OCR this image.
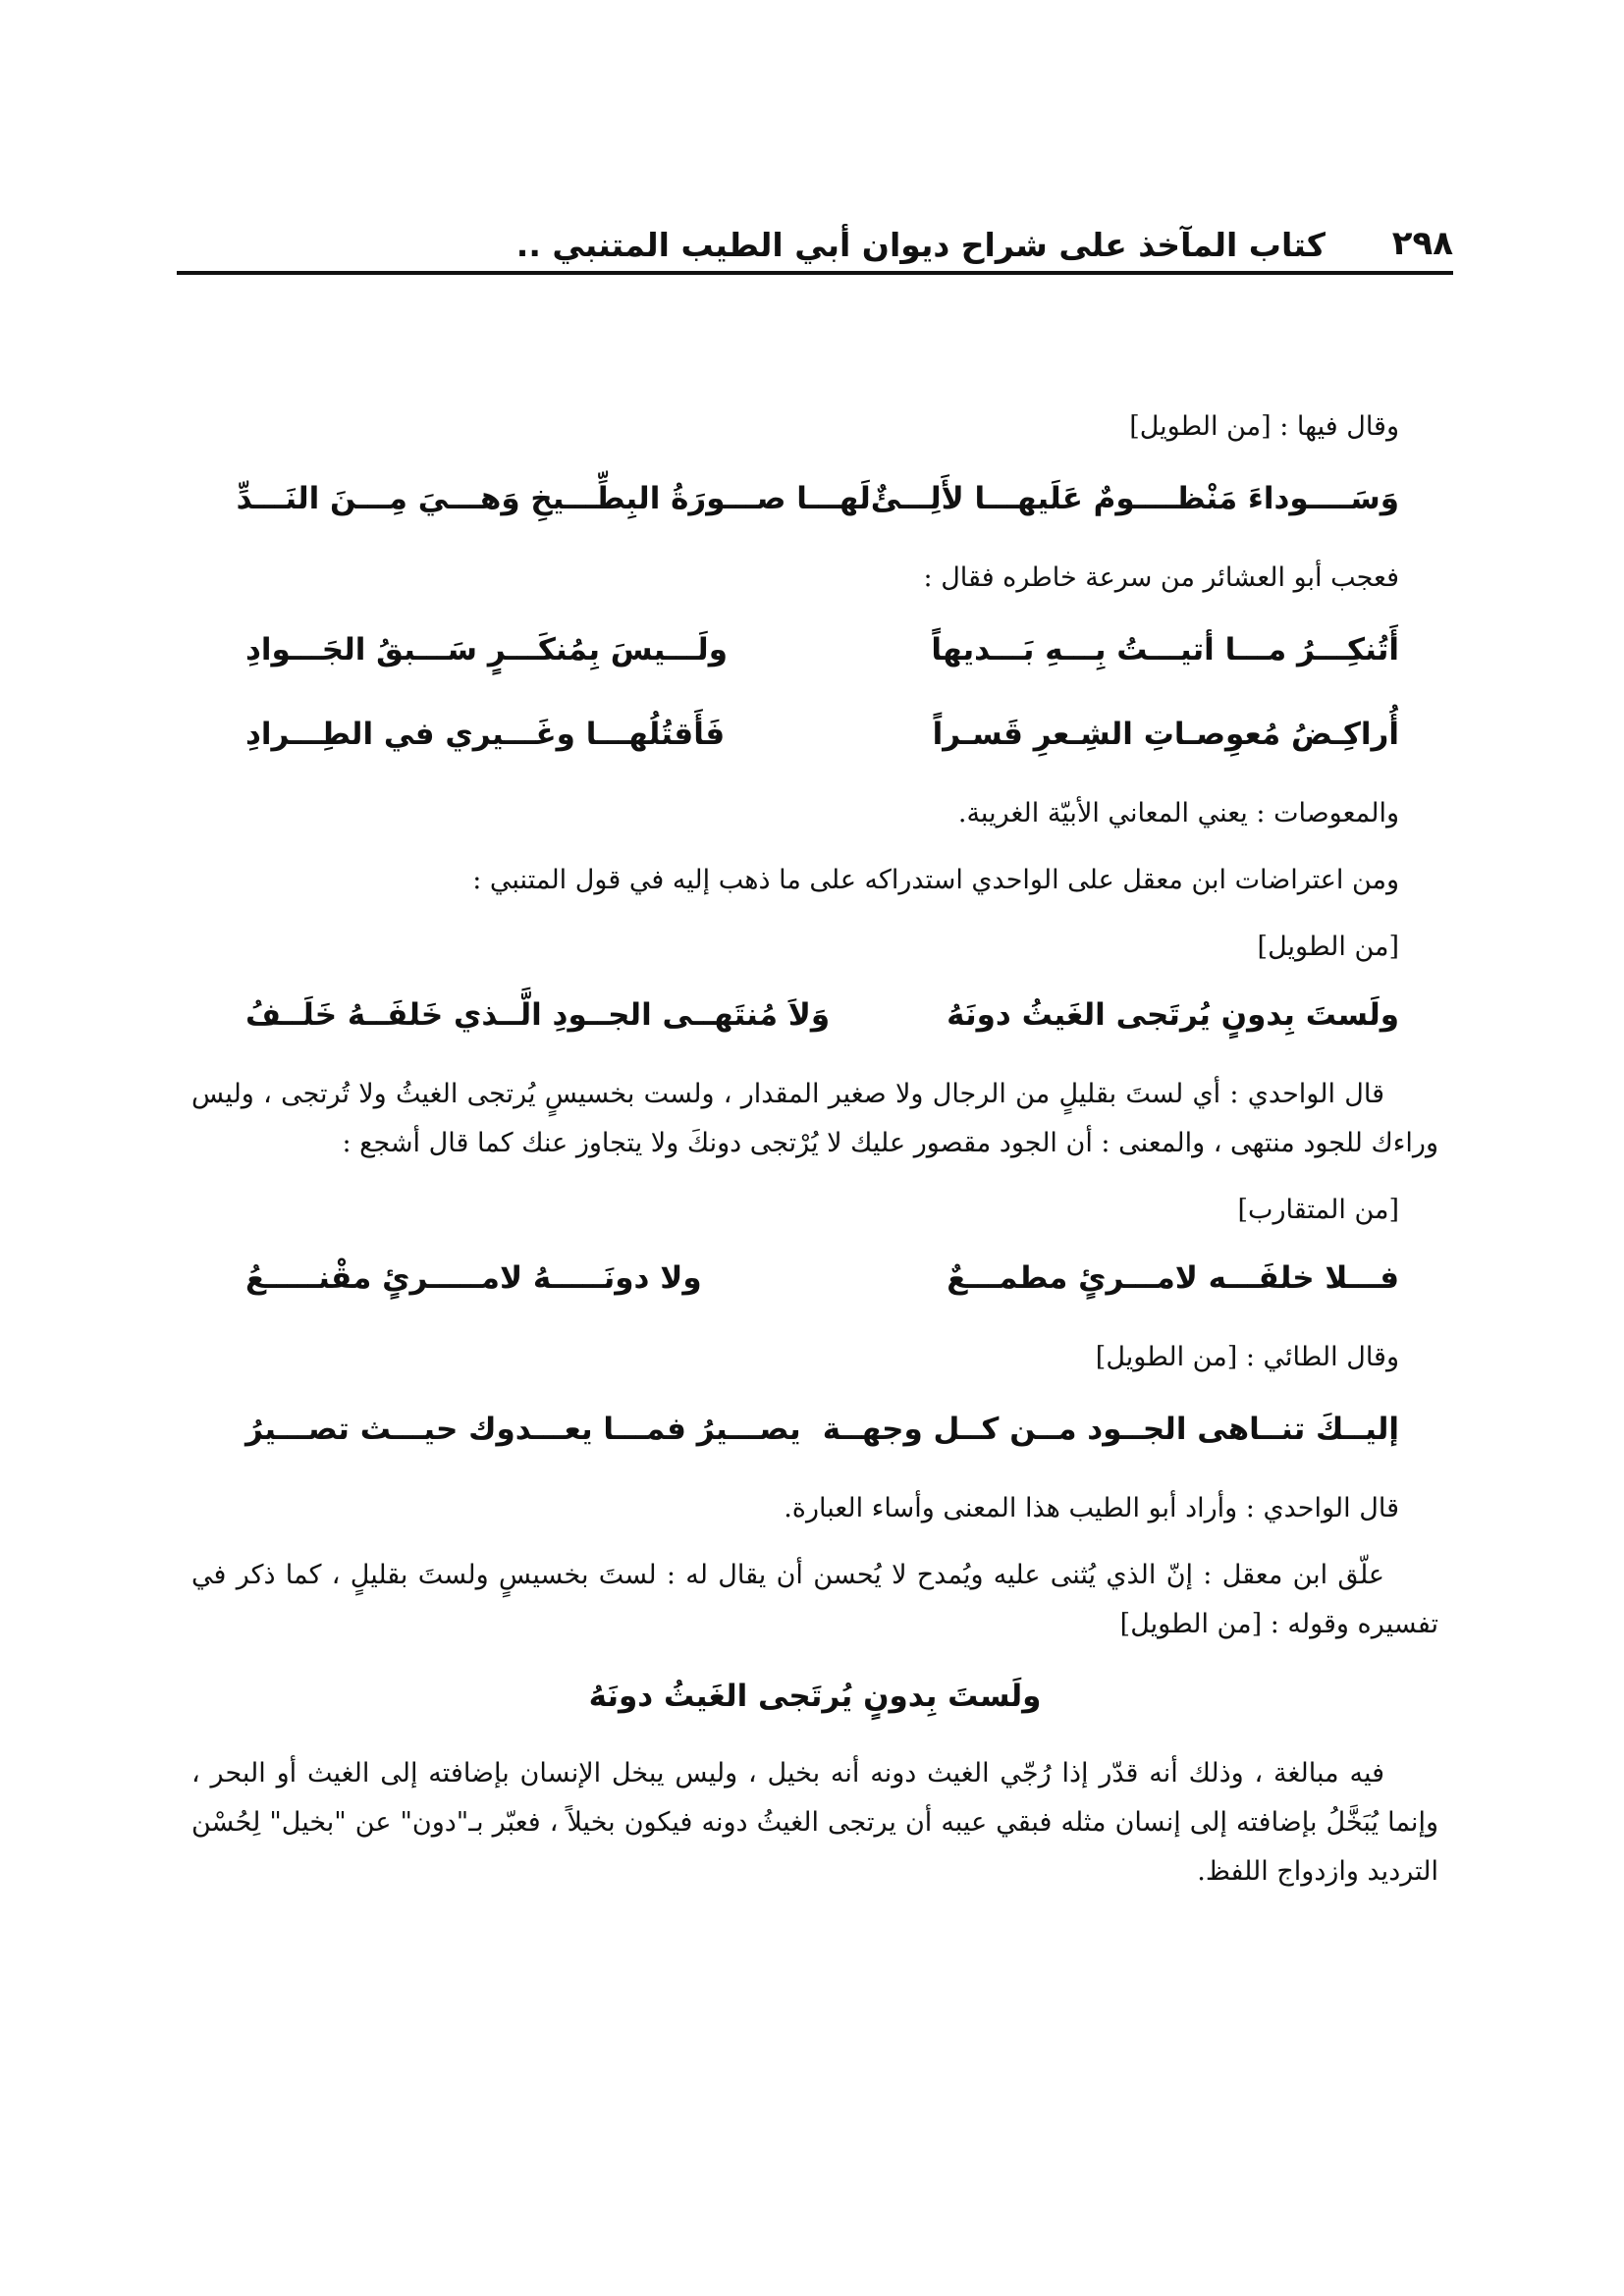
٢٩٨
كتاب المآخذ على شراح ديوان أبي الطيب المتنبي ..

وقال فيها : [من الطويل]

وَسَــــوداءَ مَنْظــــومٌ عَلَيهـــا لأَلِـــئٌ
لَهـــا صـــورَةُ البِطِّـــيخِ وَهـــيَ مِـــنَ النَـــدِّ

فعجب أبو العشائر من سرعة خاطره فقال :

أَتُنكِـــرُ مـــا أتيـــتُ بِـــهِ بَـــديهاً
ولَـــيسَ بِمُنكَـــرٍ سَـــبقُ الجَـــوادِ
أُراكِـضُ مُعوِصـاتِ الشِـعرِ قَسـراً
فَأَقتُلُهـــا وغَـــيري في الطِـــرادِ

والمعوصات : يعني المعاني الأبيّة الغريبة.

ومن اعتراضات ابن معقل على الواحدي استدراكه على ما ذهب إليه في قول المتنبي :

[من الطويل]

ولَستَ بِدونٍ يُرتَجى الغَيثُ دونَهُ
وَلاَ مُنتَهــى الجــودِ الَّــذي خَلفَــهُ خَلَــفُ

قال الواحدي : أي لستَ بقليلٍ من الرجال ولا صغير المقدار ، ولست بخسيسٍ يُرتجى الغيثُ ولا تُرتجى ، وليس وراءك للجود منتهى ، والمعنى : أن الجود مقصور عليك لا يُرْتجى دونكَ ولا يتجاوز عنك كما قال أشجع :

[من المتقارب]

فـــلا خلفَـــه لامـــرئٍ مطمـــعٌ
ولا دونَـــــهُ لامـــــرئٍ مقْنـــــعُ

وقال الطائي : [من الطويل]

إليــكَ تنــاهى الجــود مــن كــل وجهــة
يصـــيرُ فمـــا يعـــدوك حيـــث تصـــيرُ

قال الواحدي : وأراد أبو الطيب هذا المعنى وأساء العبارة.

علّق ابن معقل : إنّ الذي يُثنى عليه ويُمدح لا يُحسن أن يقال له : لستَ بخسيسٍ ولستَ بقليلٍ ، كما ذكر في تفسيره وقوله : [من الطويل]

ولَستَ بِدونٍ يُرتَجى الغَيثُ دونَهُ

فيه مبالغة ، وذلك أنه قدّر إذا رُجّي الغيث دونه أنه بخيل ، وليس يبخل الإنسان بإضافته إلى الغيث أو البحر ، وإنما يُبَخَّلُ بإضافته إلى إنسان مثله فبقي عيبه أن يرتجى الغيثُ دونه فيكون بخيلاً ، فعبّر بـ"دون" عن "بخيل" لِحُسْن الترديد وازدواج اللفظ.
